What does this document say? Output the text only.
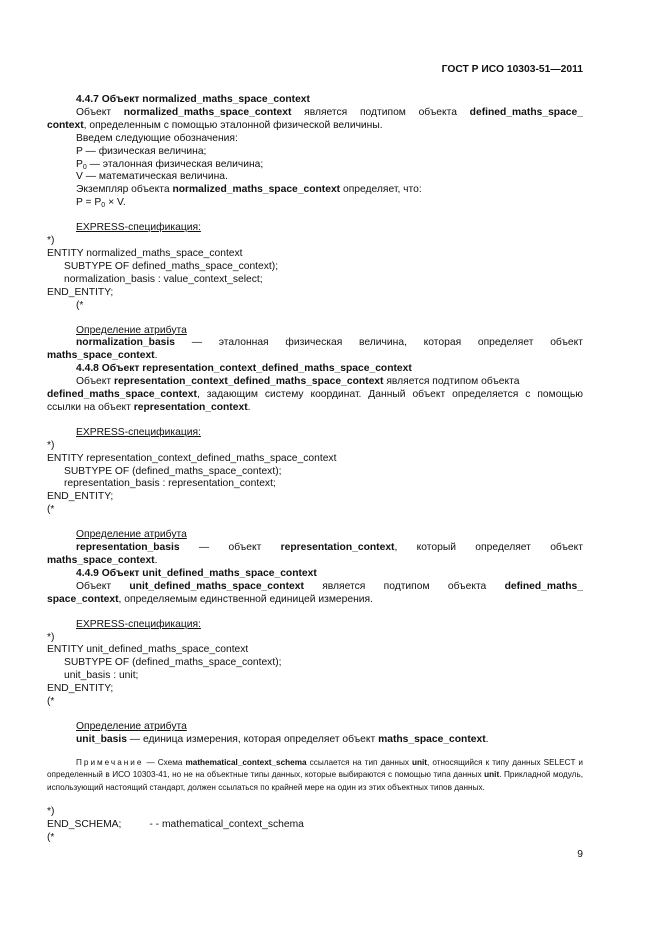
ГОСТ Р ИСО 10303-51—2011

4.4.7 Объект normalized_maths_space_context

Объект normalized_maths_space_context является подтипом объекта defined_maths_space_

context, определенным с помощью эталонной физической величины.

Введем следующие обозначения:

P — физическая величина;

$P_0$ — эталонная физическая величина;

V — математическая величина.

Экземпляр объекта normalized_maths_space_context определяет, что:

$P = P_0 \times V$.

EXPRESS-спецификация:

*)

ENTITY normalized_maths_space_context

SUBTYPE OF defined_maths_space_context);

normalization_basis : value_context_select;

END_ENTITY;

(*

Определение атрибута

normalization_basis — эталонная физическая величина, которая определяет объект

maths_space_context.

4.4.8 Объект representation_context_defined_maths_space_context

Объект representation_context_defined_maths_space_context является подтипом объекта

defined_maths_space_context, задающим систему координат. Данный объект определяется с помощью ссылки на объект representation_context.

EXPRESS-спецификация:

*)

ENTITY representation_context_defined_maths_space_context

SUBTYPE OF (defined_maths_space_context);

representation_basis : representation_context;

END_ENTITY;

(*

Определение атрибута

representation_basis — объект representation_context, который определяет объект

maths_space_context.

4.4.9 Объект unit_defined_maths_space_context

Объект unit_defined_maths_space_context является подтипом объекта defined_maths_

space_context, определяемым единственной единицей измерения.

EXPRESS-спецификация:

*)

ENTITY unit_defined_maths_space_context

SUBTYPE OF (defined_maths_space_context);

unit_basis : unit;

END_ENTITY;

(*

Определение атрибута

unit_basis — единица измерения, которая определяет объект maths_space_context.

Примечание — Схема mathematical_context_schema ссылается на тип данных unit, относящийся к типу данных SELECT и определенный в ИСО 10303-41, но не на объектные типы данных, которые выбираются с помощью типа данных unit. Прикладной модуль, использующий настоящий стандарт, должен ссылаться по крайней мере на один из этих объектных типов данных.

*)

END_SCHEMA;	- - mathematical_context_schema

(*

9
